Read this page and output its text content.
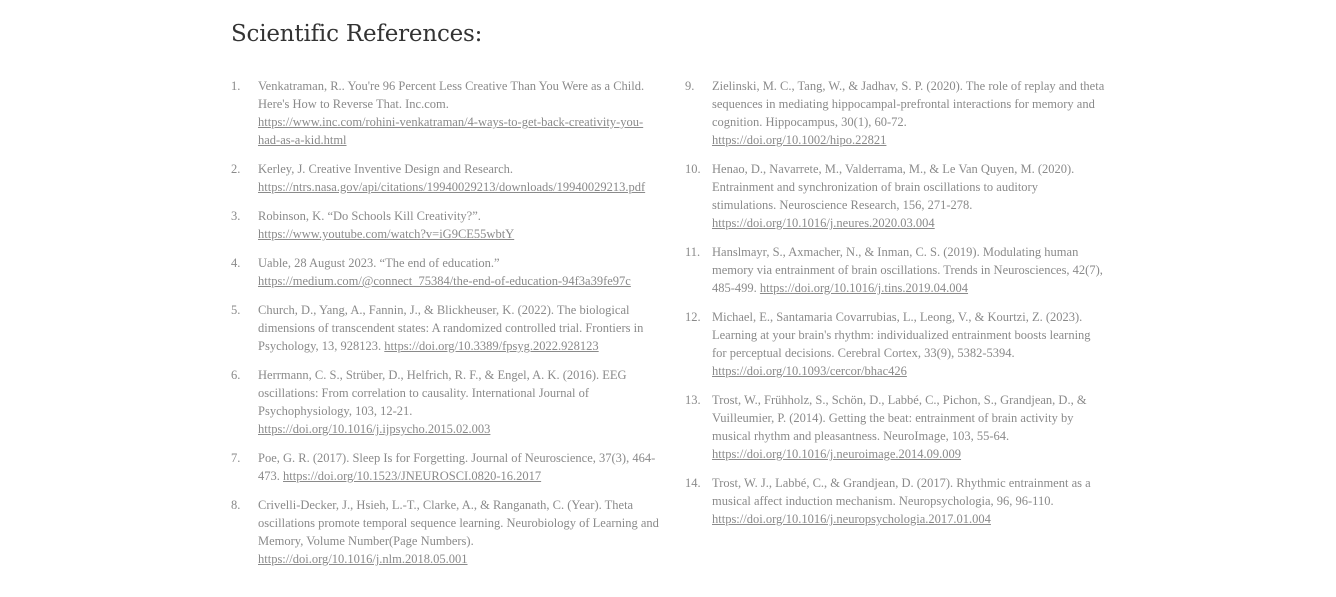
Scientific References:
1.	Venkatraman, R.. You're 96 Percent Less Creative Than You Were as a Child. Here's How to Reverse That. Inc.com.
https://www.inc.com/rohini-venkatraman/4-ways-to-get-back-creativity-you-had-as-a-kid.html
2.	Kerley, J. Creative Inventive Design and Research.
https://ntrs.nasa.gov/api/citations/19940029213/downloads/19940029213.pdf
3.	Robinson, K. “Do Schools Kill Creativity?”.
https://www.youtube.com/watch?v=iG9CE55wbtY
4.	Uable, 28 August 2023. “The end of education.”
https://medium.com/@connect_75384/the-end-of-education-94f3a39fe97c
5.	Church, D., Yang, A., Fannin, J., & Blickheuser, K. (2022). The biological dimensions of transcendent states: A randomized controlled trial. Frontiers in Psychology, 13, 928123. https://doi.org/10.3389/fpsyg.2022.928123
6.	Herrmann, C. S., Strüber, D., Helfrich, R. F., & Engel, A. K. (2016). EEG oscillations: From correlation to causality. International Journal of Psychophysiology, 103, 12-21.
https://doi.org/10.1016/j.ijpsycho.2015.02.003
7.	Poe, G. R. (2017). Sleep Is for Forgetting. Journal of Neuroscience, 37(3), 464-473. https://doi.org/10.1523/JNEUROSCI.0820-16.2017
8.	Crivelli-Decker, J., Hsieh, L.-T., Clarke, A., & Ranganath, C. (Year). Theta oscillations promote temporal sequence learning. Neurobiology of Learning and Memory, Volume Number(Page Numbers).
https://doi.org/10.1016/j.nlm.2018.05.001
9.	Zielinski, M. C., Tang, W., & Jadhav, S. P. (2020). The role of replay and theta sequences in mediating hippocampal-prefrontal interactions for memory and cognition. Hippocampus, 30(1), 60-72.
https://doi.org/10.1002/hipo.22821
10. Henao, D., Navarrete, M., Valderrama, M., & Le Van Quyen, M. (2020). Entrainment and synchronization of brain oscillations to auditory stimulations. Neuroscience Research, 156, 271-278.
https://doi.org/10.1016/j.neures.2020.03.004
11. Hanslmayr, S., Axmacher, N., & Inman, C. S. (2019). Modulating human memory via entrainment of brain oscillations. Trends in Neurosciences, 42(7), 485-499. https://doi.org/10.1016/j.tins.2019.04.004
12. Michael, E., Santamaria Covarrubias, L., Leong, V., & Kourtzi, Z. (2023). Learning at your brain's rhythm: individualized entrainment boosts learning for perceptual decisions. Cerebral Cortex, 33(9), 5382-5394.
https://doi.org/10.1093/cercor/bhac426
13. Trost, W., Frühholz, S., Schön, D., Labbé, C., Pichon, S., Grandjean, D., & Vuilleumier, P. (2014). Getting the beat: entrainment of brain activity by musical rhythm and pleasantness. NeuroImage, 103, 55-64.
https://doi.org/10.1016/j.neuroimage.2014.09.009
14. Trost, W. J., Labbé, C., & Grandjean, D. (2017). Rhythmic entrainment as a musical affect induction mechanism. Neuropsychologia, 96, 96-110.
https://doi.org/10.1016/j.neuropsychologia.2017.01.004
